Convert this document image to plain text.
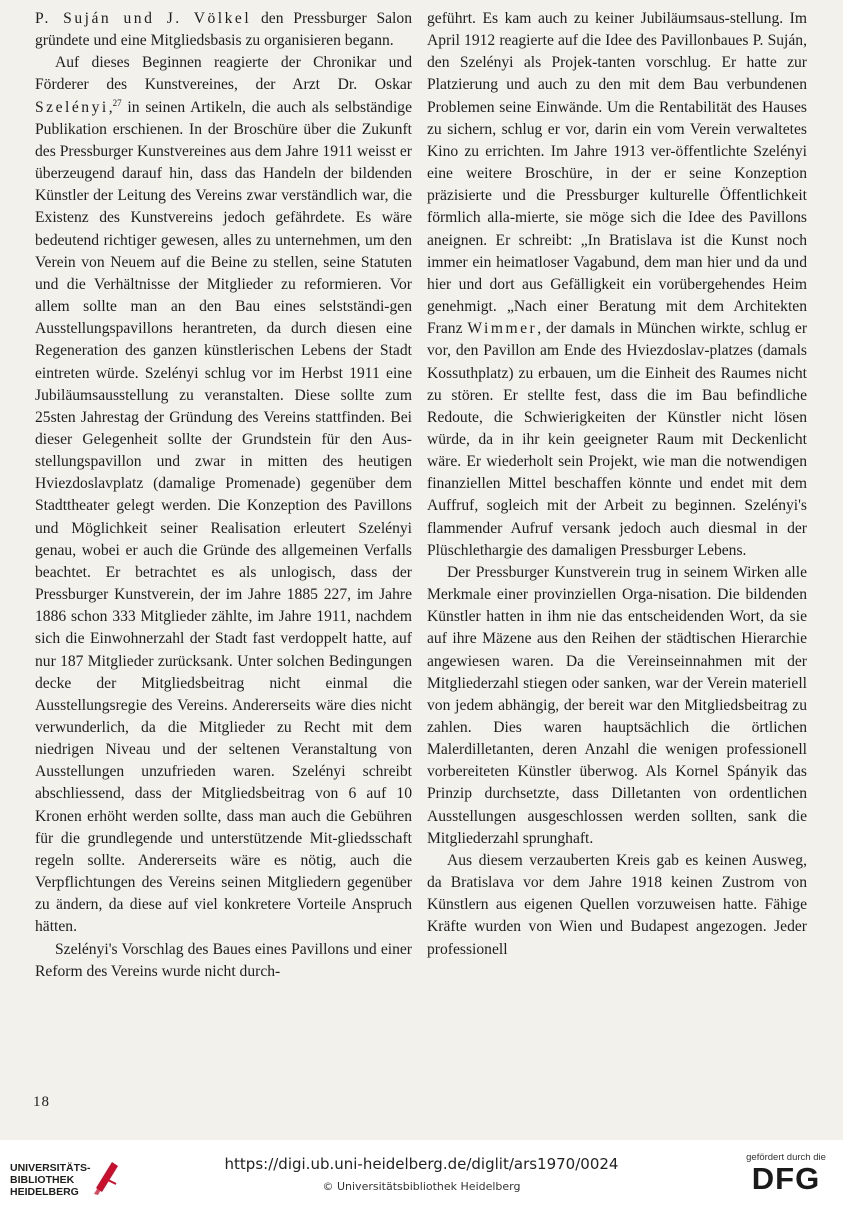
P. Suján und J. Völkel den Pressburger Salon gründete und eine Mitgliedsbasis zu organisieren begann.

Auf dieses Beginnen reagierte der Chronikar und Förderer des Kunstvereines, der Arzt Dr. Oskar Szelényi,$^{27}$ in seinen Artikeln, die auch als selbständige Publikation erschienen. In der Broschüre über die Zukunft des Pressburger Kunstvereines aus dem Jahre 1911 weisst er überzeugend darauf hin, dass das Handeln der bildenden Künstler der Leitung des Vereins zwar verständlich war, die Existenz des Kunstvereins jedoch gefährdete. Es wäre bedeutend richtiger gewesen, alles zu unternehmen, um den Verein von Neuem auf die Beine zu stellen, seine Statuten und die Verhältnisse der Mitglieder zu reformieren. Vor allem sollte man an den Bau eines selstständi-gen Ausstellungspavillons herantreten, da durch diesen eine Regeneration des ganzen künstlerischen Lebens der Stadt eintreten würde. Szelényi schlug vor im Herbst 1911 eine Jubiläumsausstellung zu veranstalten. Diese sollte zum 25sten Jahrestag der Gründung des Vereins stattfinden. Bei dieser Gelegenheit sollte der Grundstein für den Aus-stellungspavillon und zwar in mitten des heutigen Hviezdoslavplatz (damalige Promenade) gegenüber dem Stadttheater gelegt werden. Die Konzeption des Pavillons und Möglichkeit seiner Realisation erleutert Szelényi genau, wobei er auch die Gründe des allgemeinen Verfalls beachtet. Er betrachtet es als unlogisch, dass der Pressburger Kunstverein, der im Jahre 1885 227, im Jahre 1886 schon 333 Mitglieder zählte, im Jahre 1911, nachdem sich die Einwohnerzahl der Stadt fast verdoppelt hatte, auf nur 187 Mitglieder zurücksank. Unter solchen Bedingungen decke der Mitgliedsbeitrag nicht einmal die Ausstellungsregie des Vereins. Andererseits wäre dies nicht verwunderlich, da die Mitglieder zu Recht mit dem niedrigen Niveau und der seltenen Veranstaltung von Ausstellungen unzufrieden waren. Szelényi schreibt abschliessend, dass der Mitgliedsbeitrag von 6 auf 10 Kronen erhöht werden sollte, dass man auch die Gebühren für die grundlegende und unterstützende Mit-gliedsschaft regeln sollte. Andererseits wäre es nötig, auch die Verpflichtungen des Vereins seinen Mitgliedern gegenüber zu ändern, da diese auf viel konkretere Vorteile Anspruch hätten.

Szelényi's Vorschlag des Baues eines Pavillons und einer Reform des Vereins wurde nicht durch-

geführt. Es kam auch zu keiner Jubiläumsaus-stellung. Im April 1912 reagierte auf die Idee des Pavillonbaues P. Suján, den Szelényi als Projek-tanten vorschlug. Er hatte zur Platzierung und auch zu den mit dem Bau verbundenen Problemen seine Einwände. Um die Rentabilität des Hauses zu sichern, schlug er vor, darin ein vom Verein verwaltetes Kino zu errichten. Im Jahre 1913 ver-öffentlichte Szelényi eine weitere Broschüre, in der er seine Konzeption präzisierte und die Pressburger kulturelle Öffentlichkeit förmlich alla-mierte, sie möge sich die Idee des Pavillons aneignen. Er schreibt: „In Bratislava ist die Kunst noch immer ein heimatloser Vagabund, dem man hier und da und hier und dort aus Gefälligkeit ein vorübergehendes Heim genehmigt. „Nach einer Beratung mit dem Architekten Franz Wimmer, der damals in München wirkte, schlug er vor, den Pavillon am Ende des Hviezdoslav-platzes (damals Kossuthplatz) zu erbauen, um die Einheit des Raumes nicht zu stören. Er stellte fest, dass die im Bau befindliche Redoute, die Schwierigkeiten der Künstler nicht lösen würde, da in ihr kein geeigneter Raum mit Deckenlicht wäre. Er wiederholt sein Projekt, wie man die notwendigen finanziellen Mittel beschaffen könnte und endet mit dem Auffruf, sogleich mit der Arbeit zu beginnen. Szelényi's flammender Aufruf versank jedoch auch diesmal in der Plüschlethargie des damaligen Pressburger Lebens.

Der Pressburger Kunstverein trug in seinem Wirken alle Merkmale einer provinziellen Orga-nisation. Die bildenden Künstler hatten in ihm nie das entscheidenden Wort, da sie auf ihre Mäzene aus den Reihen der städtischen Hierarchie angewiesen waren. Da die Vereinseinnahmen mit der Mitgliederzahl stiegen oder sanken, war der Verein materiell von jedem abhängig, der bereit war den Mitgliedsbeitrag zu zahlen. Dies waren hauptsächlich die örtlichen Malerdilletanten, deren Anzahl die wenigen professionell vorbereiteten Künstler überwog. Als Kornel Spányik das Prinzip durchsetzte, dass Dilletanten von ordentlichen Ausstellungen ausgeschlossen werden sollten, sank die Mitgliederzahl sprunghaft.

Aus diesem verzauberten Kreis gab es keinen Ausweg, da Bratislava vor dem Jahre 1918 keinen Zustrom von Künstlern aus eigenen Quellen vorzuweisen hatte. Fähige Kräfte wurden von Wien und Budapest angezogen. Jeder professionell

18
UNIVERSITÄTS-
BIBLIOTHEK
HEIDELBERG
https://digi.ub.uni-heidelberg.de/diglit/ars1970/0024
© Universitätsbibliothek Heidelberg
gefördert durch die
DFG
